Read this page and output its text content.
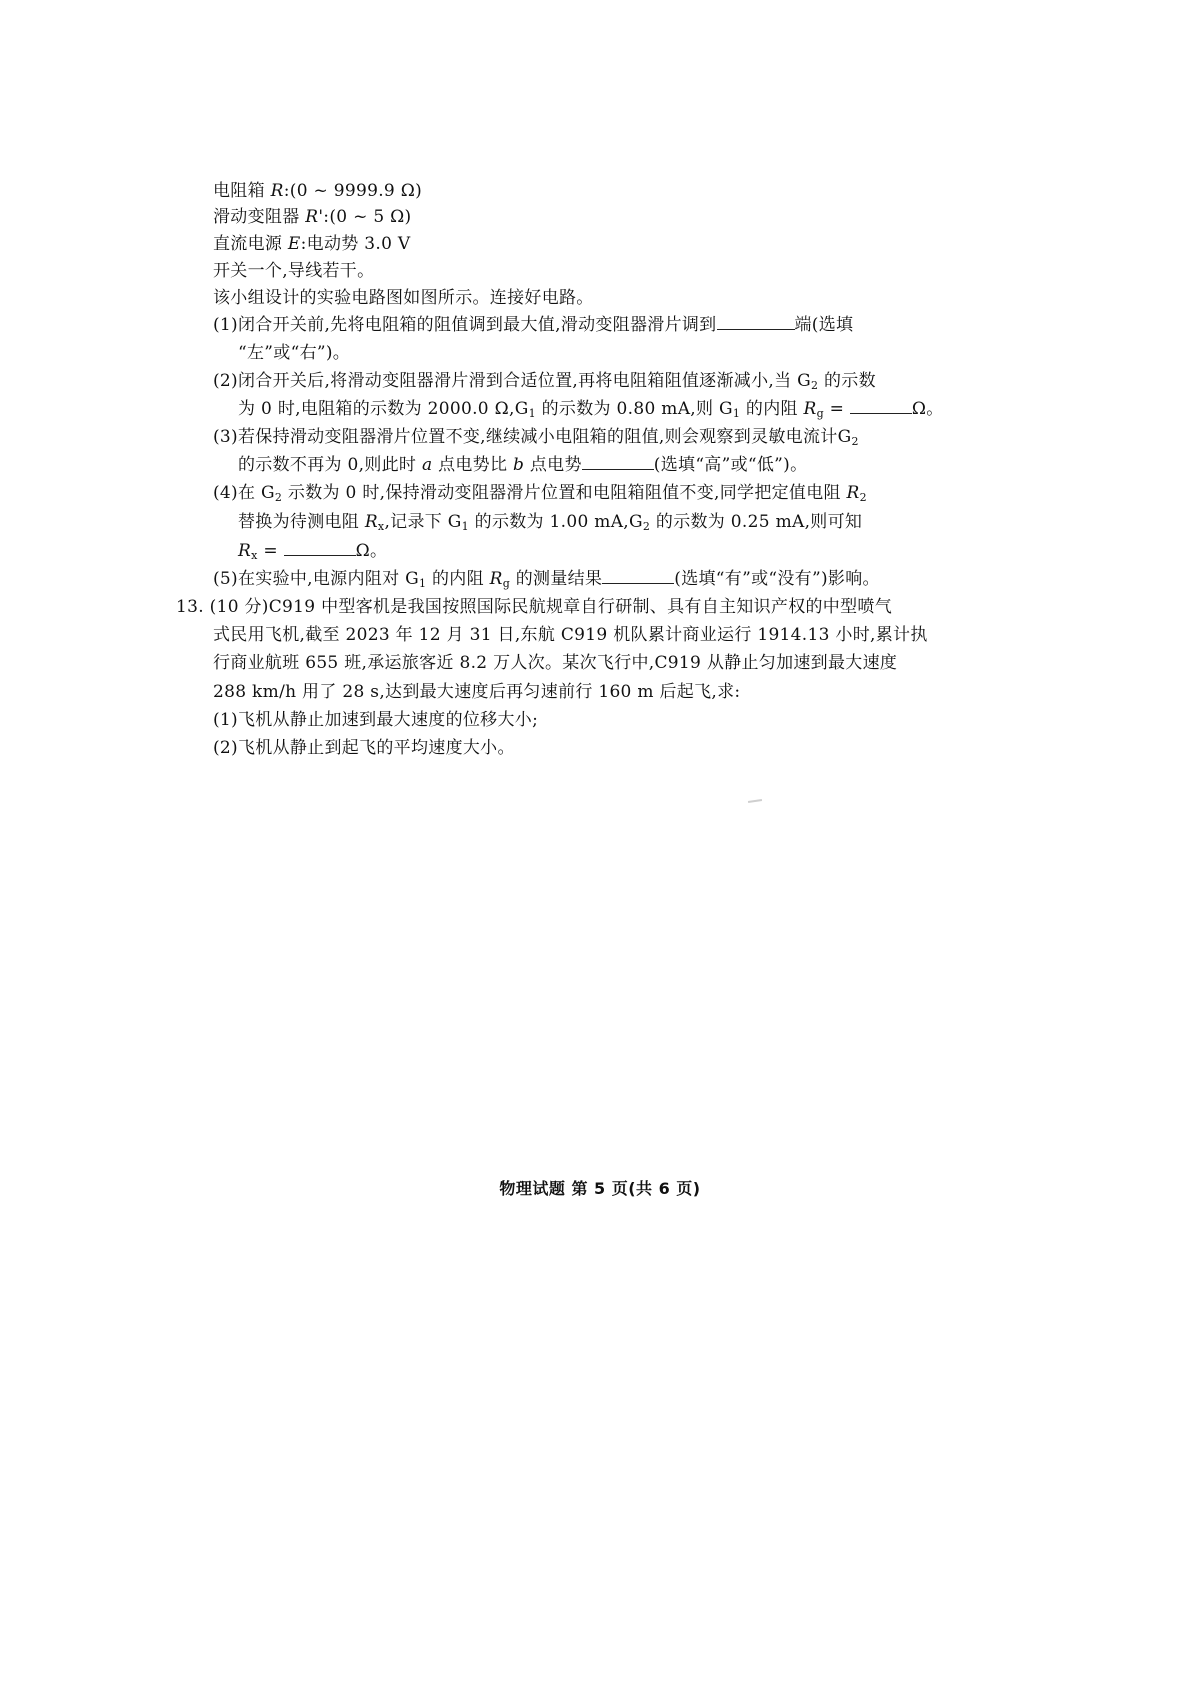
电阻箱 R:(0 ~ 9999.9 Ω)
滑动变阻器 R':(0 ~ 5 Ω)
直流电源 E:电动势 3.0 V
开关一个,导线若干。
该小组设计的实验电路图如图所示。连接好电路。
(1)闭合开关前,先将电阻箱的阻值调到最大值,滑动变阻器滑片调到	端(选填
“左”或“右”)。
(2)闭合开关后,将滑动变阻器滑片滑到合适位置,再将电阻箱阻值逐渐减小,当 $G_2$ 的示数
为 0 时,电阻箱的示数为 2000.0 $\Omega,G_1$ 的示数为 0.80 mA,则 $G_1$ 的内阻 $R_g$ =	Ω。
(3)若保持滑动变阻器滑片位置不变,继续减小电阻箱的阻值,则会观察到灵敏电流计$G_2$
的示数不再为 0,则此时 a 点电势比 b 点电势	(选填“高”或“低”)。
(4)在 $G_2$ 示数为 0 时,保持滑动变阻器滑片位置和电阻箱阻值不变,同学把定值电阻 $R_2$
替换为待测电阻 $R_x$,记录下 $G_1$ 的示数为 1.00 $mA,G_2$ 的示数为 0.25 mA,则可知
$R_x$ =	Ω。
(5)在实验中,电源内阻对 $G_1$ 的内阻 $R_g$ 的测量结果	(选填“有”或“没有”)影响。
13. (10 分)C919 中型客机是我国按照国际民航规章自行研制、具有自主知识产权的中型喷气
式民用飞机,截至 2023 年 12 月 31 日,东航 C919 机队累计商业运行 1914.13 小时,累计执
行商业航班 655 班,承运旅客近 8.2 万人次。某次飞行中,C919 从静止匀加速到最大速度
288 km/h 用了 28 s,达到最大速度后再匀速前行 160 m 后起飞,求:
(1)飞机从静止加速到最大速度的位移大小;
(2)飞机从静止到起飞的平均速度大小。
物理试题 第 5 页(共 6 页)
